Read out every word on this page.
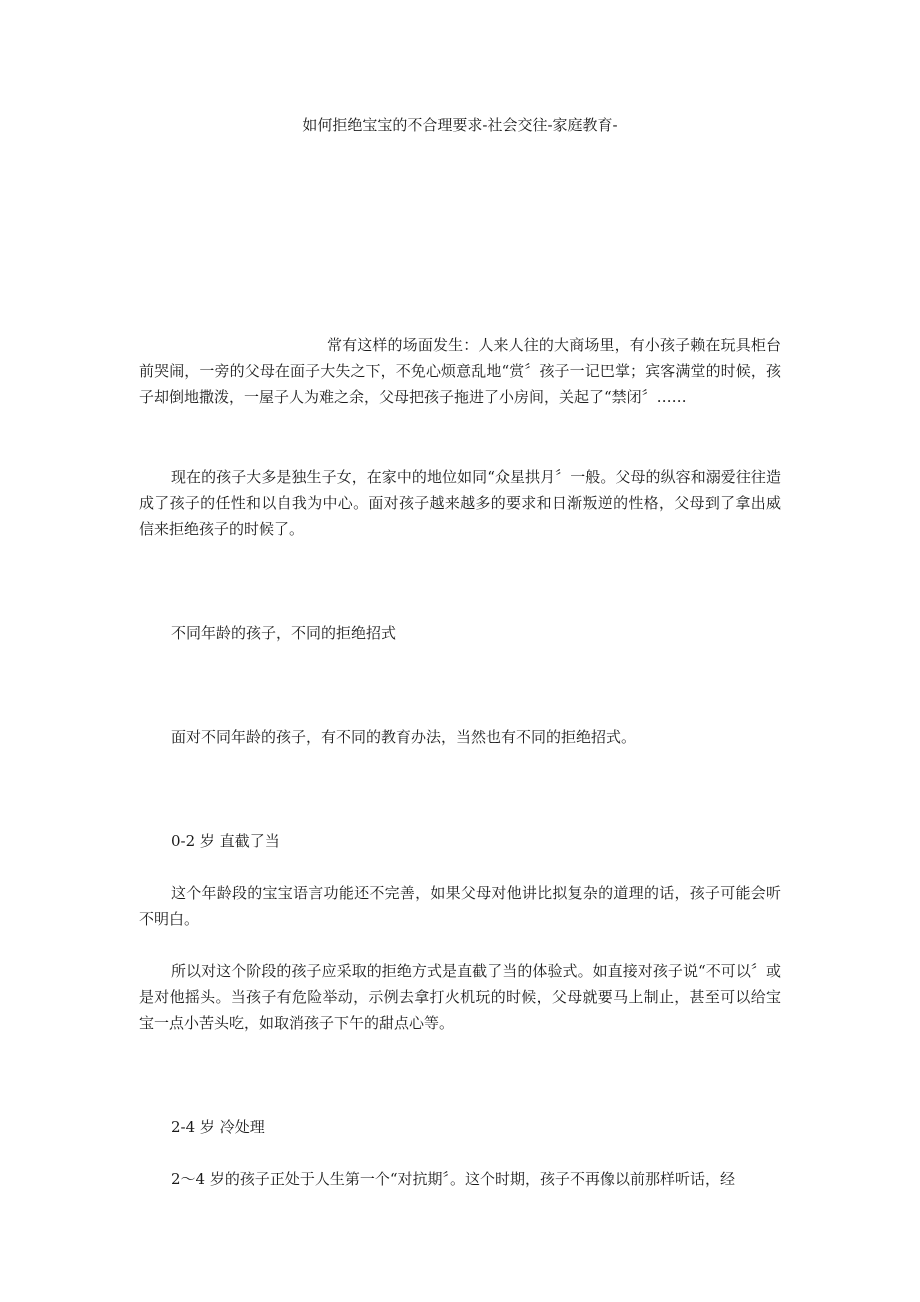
如何拒绝宝宝的不合理要求-社会交往-家庭教育-

常有这样的场面发生：人来人往的大商场里，有小孩子赖在玩具柜台前哭闹，一旁的父母在面子大失之下，不免心烦意乱地“赏〞孩子一记巴掌；宾客满堂的时候，孩子却倒地撒泼，一屋子人为难之余，父母把孩子拖进了小房间，关起了“禁闭〞……

现在的孩子大多是独生子女，在家中的地位如同“众星拱月〞一般。父母的纵容和溺爱往往造成了孩子的任性和以自我为中心。面对孩子越来越多的要求和日渐叛逆的性格，父母到了拿出威信来拒绝孩子的时候了。

不同年龄的孩子，不同的拒绝招式

面对不同年龄的孩子，有不同的教育办法，当然也有不同的拒绝招式。

0-2 岁 直截了当

这个年龄段的宝宝语言功能还不完善，如果父母对他讲比拟复杂的道理的话，孩子可能会听不明白。

所以对这个阶段的孩子应采取的拒绝方式是直截了当的体验式。如直接对孩子说“不可以〞或是对他摇头。当孩子有危险举动，示例去拿打火机玩的时候，父母就要马上制止，甚至可以给宝宝一点小苦头吃，如取消孩子下午的甜点心等。

2-4 岁 冷处理

2～4 岁的孩子正处于人生第一个“对抗期〞。这个时期，孩子不再像以前那样听话，经
